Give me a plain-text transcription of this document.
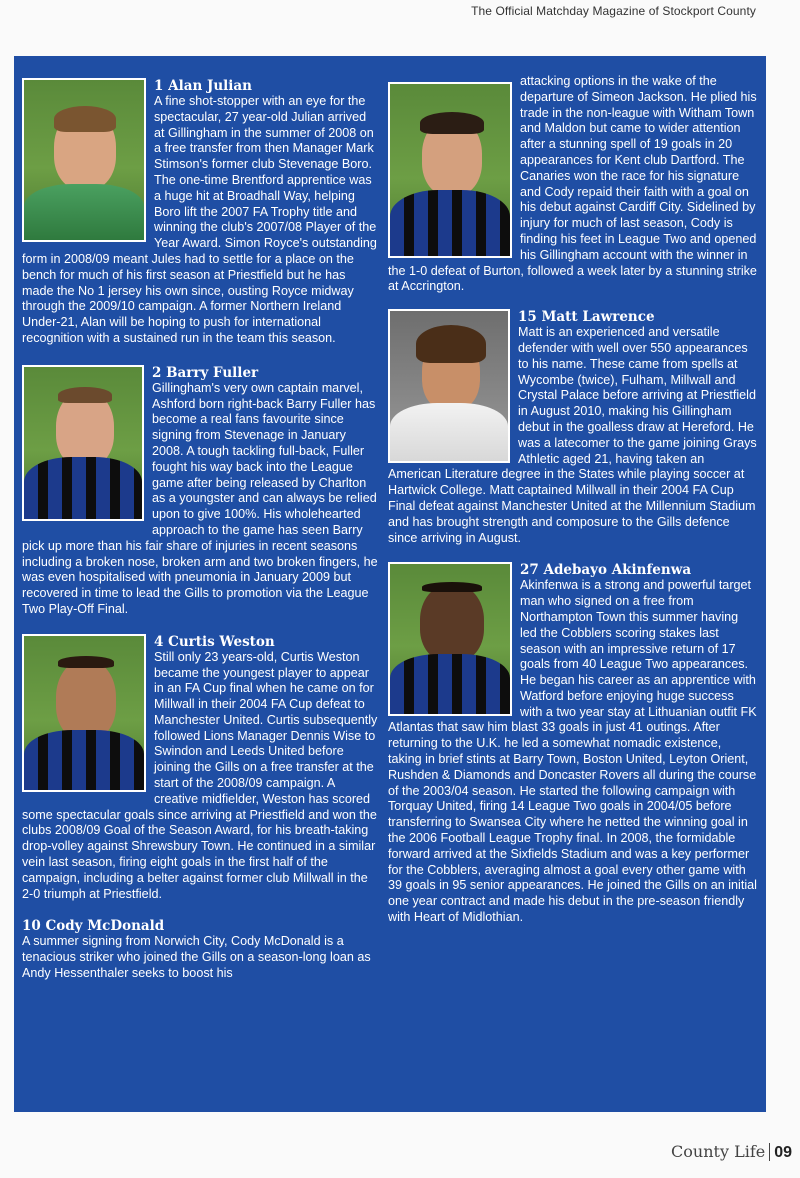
The Official Matchday Magazine of Stockport County
1 Alan Julian

A fine shot-stopper with an eye for the spectacular, 27 year-old Julian arrived at Gillingham in the summer of 2008 on a free transfer from then Manager Mark Stimson's former club Stevenage Boro. The one-time Brentford apprentice was a huge hit at Broadhall Way, helping Boro lift the 2007 FA Trophy title and winning the club's 2007/08 Player of the Year Award. Simon Royce's outstanding form in 2008/09 meant Jules had to settle for a place on the bench for much of his first season at Priestfield but he has made the No 1 jersey his own since, ousting Royce midway through the 2009/10 campaign. A former Northern Ireland Under-21, Alan will be hoping to push for international recognition with a sustained run in the team this season.

2 Barry Fuller

Gillingham's very own captain marvel, Ashford born right-back Barry Fuller has become a real fans favourite since signing from Stevenage in January 2008. A tough tackling full-back, Fuller fought his way back into the League game after being released by Charlton as a youngster and can always be relied upon to give 100%. His wholehearted approach to the game has seen Barry pick up more than his fair share of injuries in recent seasons including a broken nose, broken arm and two broken fingers, he was even hospitalised with pneumonia in January 2009 but recovered in time to lead the Gills to promotion via the League Two Play-Off Final.

4 Curtis Weston

Still only 23 years-old, Curtis Weston became the youngest player to appear in an FA Cup final when he came on for Millwall in their 2004 FA Cup defeat to Manchester United. Curtis subsequently followed Lions Manager Dennis Wise to Swindon and Leeds United before joining the Gills on a free transfer at the start of the 2008/09 campaign. A creative midfielder, Weston has scored some spectacular goals since arriving at Priestfield and won the clubs 2008/09 Goal of the Season Award, for his breath-taking drop-volley against Shrewsbury Town. He continued in a similar vein last season, firing eight goals in the first half of the campaign, including a belter against former club Millwall in the 2-0 triumph at Priestfield.

10 Cody McDonald

A summer signing from Norwich City, Cody McDonald is a tenacious striker who joined the Gills on a season-long loan as Andy Hessenthaler seeks to boost his

attacking options in the wake of the departure of Simeon Jackson. He plied his trade in the non-league with Witham Town and Maldon but came to wider attention after a stunning spell of 19 goals in 20 appearances for Kent club Dartford. The Canaries won the race for his signature and Cody repaid their faith with a goal on his debut against Cardiff City. Sidelined by injury for much of last season, Cody is finding his feet in League Two and opened his Gillingham account with the winner in the 1-0 defeat of Burton, followed a week later by a stunning strike at Accrington.

15 Matt Lawrence

Matt is an experienced and versatile defender with well over 550 appearances to his name. These came from spells at Wycombe (twice), Fulham, Millwall and Crystal Palace before arriving at Priestfield in August 2010, making his Gillingham debut in the goalless draw at Hereford. He was a latecomer to the game joining Grays Athletic aged 21, having taken an American Literature degree in the States while playing soccer at Hartwick College. Matt captained Millwall in their 2004 FA Cup Final defeat against Manchester United at the Millennium Stadium and has brought strength and composure to the Gills defence since arriving in August.

27 Adebayo Akinfenwa

Akinfenwa is a strong and powerful target man who signed on a free from Northampton Town this summer having led the Cobblers scoring stakes last season with an impressive return of 17 goals from 40 League Two appearances. He began his career as an apprentice with Watford before enjoying huge success with a two year stay at Lithuanian outfit FK Atlantas that saw him blast 33 goals in just 41 outings. After returning to the U.K. he led a somewhat nomadic existence, taking in brief stints at Barry Town, Boston United, Leyton Orient, Rushden & Diamonds and Doncaster Rovers all during the course of the 2003/04 season. He started the following campaign with Torquay United, firing 14 League Two goals in 2004/05 before transferring to Swansea City where he netted the winning goal in the 2006 Football League Trophy final. In 2008, the formidable forward arrived at the Sixfields Stadium and was a key performer for the Cobblers, averaging almost a goal every other game with 39 goals in 95 senior appearances. He joined the Gills on an initial one year contract and made his debut in the pre-season friendly with Heart of Midlothian.

County Life 09
